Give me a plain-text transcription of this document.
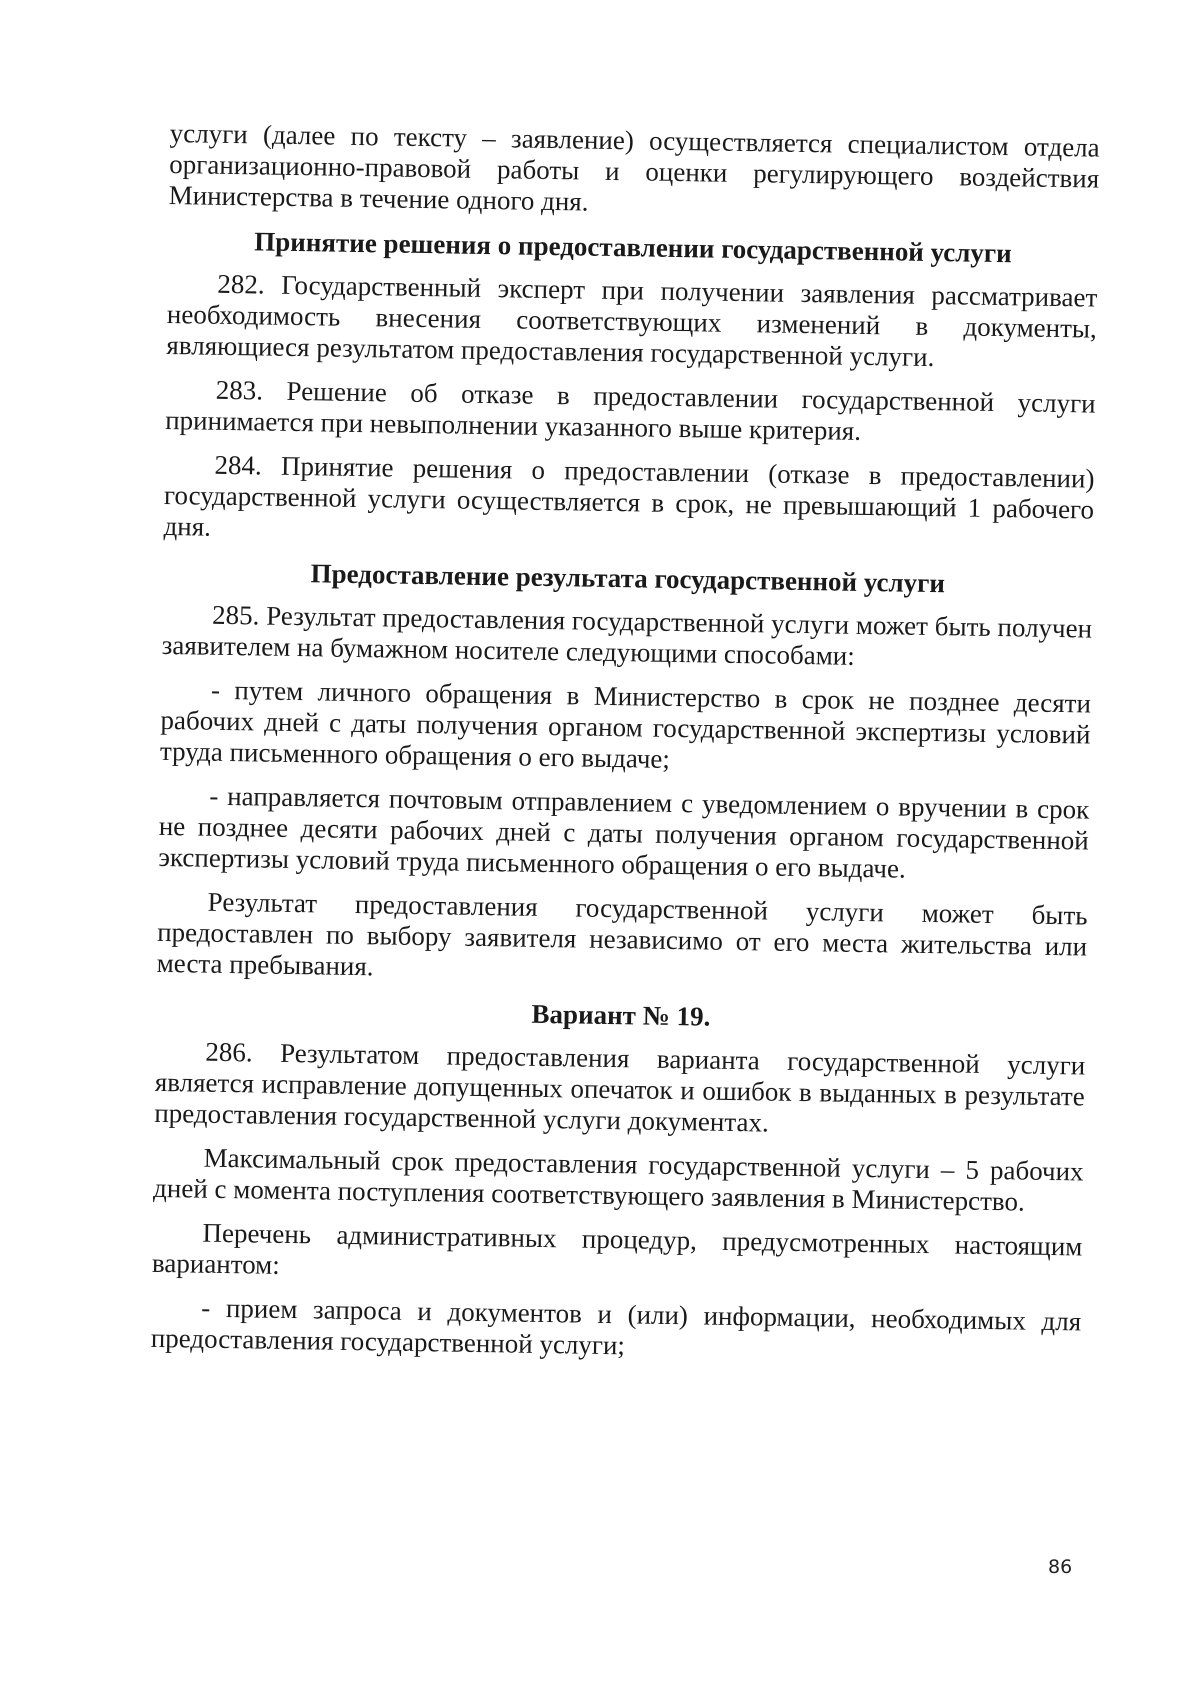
услуги (далее по тексту – заявление) осуществляется специалистом отдела организационно-правовой работы и оценки регулирующего воздействия Министерства в течение одного дня.

Принятие решения о предоставлении государственной услуги

282. Государственный эксперт при получении заявления рассматривает необходимость внесения соответствующих изменений в документы, являющиеся результатом предоставления государственной услуги.

283. Решение об отказе в предоставлении государственной услуги принимается при невыполнении указанного выше критерия.

284. Принятие решения о предоставлении (отказе в предоставлении) государственной услуги осуществляется в срок, не превышающий 1 рабочего дня.

Предоставление результата государственной услуги

285. Результат предоставления государственной услуги может быть получен заявителем на бумажном носителе следующими способами:

- путем личного обращения в Министерство в срок не позднее десяти рабочих дней с даты получения органом государственной экспертизы условий труда письменного обращения о его выдаче;

- направляется почтовым отправлением с уведомлением о вручении в срок не позднее десяти рабочих дней с даты получения органом государственной экспертизы условий труда письменного обращения о его выдаче.

Результат предоставления государственной услуги может быть предоставлен по выбору заявителя независимо от его места жительства или места пребывания.

Вариант № 19.

286. Результатом предоставления варианта государственной услуги является исправление допущенных опечаток и ошибок в выданных в результате предоставления государственной услуги документах.

Максимальный срок предоставления государственной услуги – 5 рабочих дней с момента поступления соответствующего заявления в Министерство.

Перечень административных процедур, предусмотренных настоящим вариантом:

- прием запроса и документов и (или) информации, необходимых для предоставления государственной услуги;

86
